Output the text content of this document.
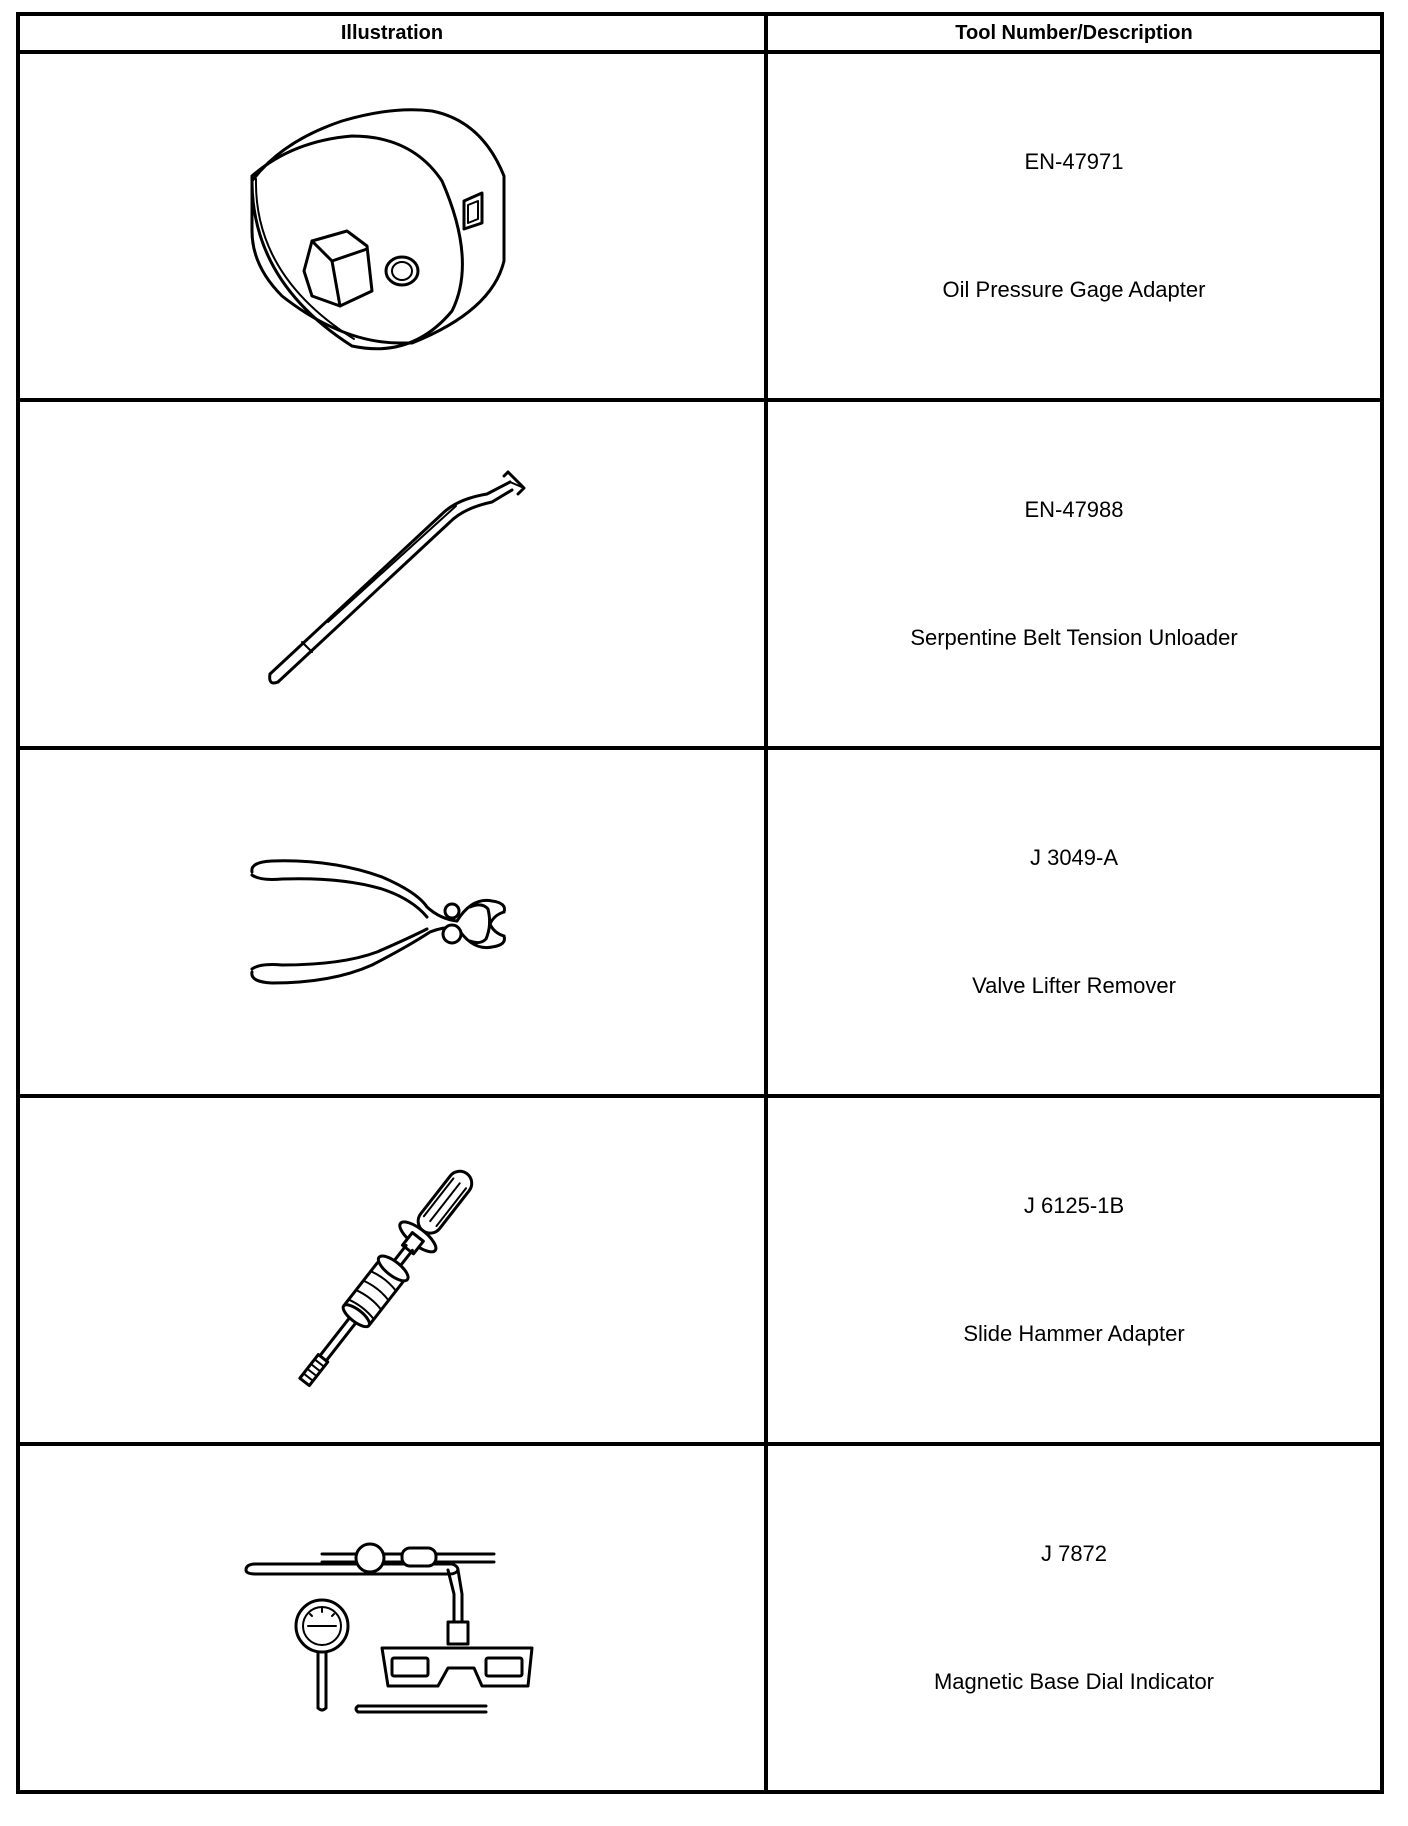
Illustration	Tool Number/Description

EN-47971
Oil Pressure Gage Adapter

EN-47988
Serpentine Belt Tension Unloader

J 3049-A
Valve Lifter Remover

J 6125-1B
Slide Hammer Adapter

J 7872
Magnetic Base Dial Indicator
